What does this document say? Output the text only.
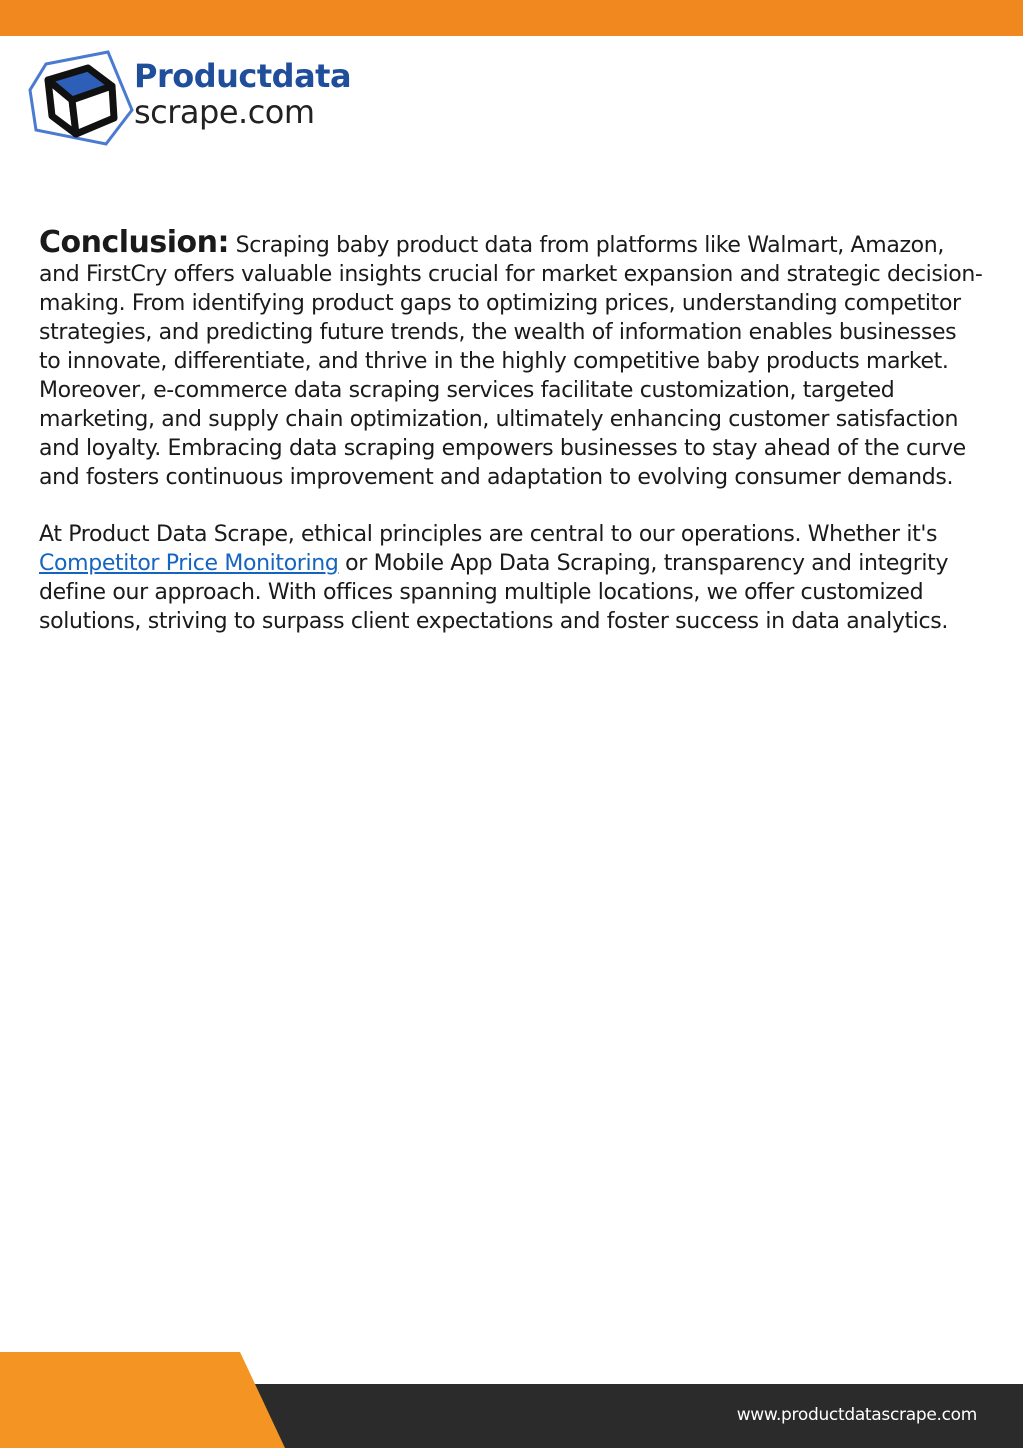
Productdata
scrape.com

Conclusion: Scraping baby product data from platforms like Walmart, Amazon, and FirstCry offers valuable insights crucial for market expansion and strategic decision-making. From identifying product gaps to optimizing prices, understanding competitor strategies, and predicting future trends, the wealth of information enables businesses to innovate, differentiate, and thrive in the highly competitive baby products market. Moreover, e-commerce data scraping services facilitate customization, targeted marketing, and supply chain optimization, ultimately enhancing customer satisfaction and loyalty. Embracing data scraping empowers businesses to stay ahead of the curve and fosters continuous improvement and adaptation to evolving consumer demands.

At Product Data Scrape, ethical principles are central to our operations. Whether it's Competitor Price Monitoring or Mobile App Data Scraping, transparency and integrity define our approach. With offices spanning multiple locations, we offer customized solutions, striving to surpass client expectations and foster success in data analytics.

www.productdatascrape.com
